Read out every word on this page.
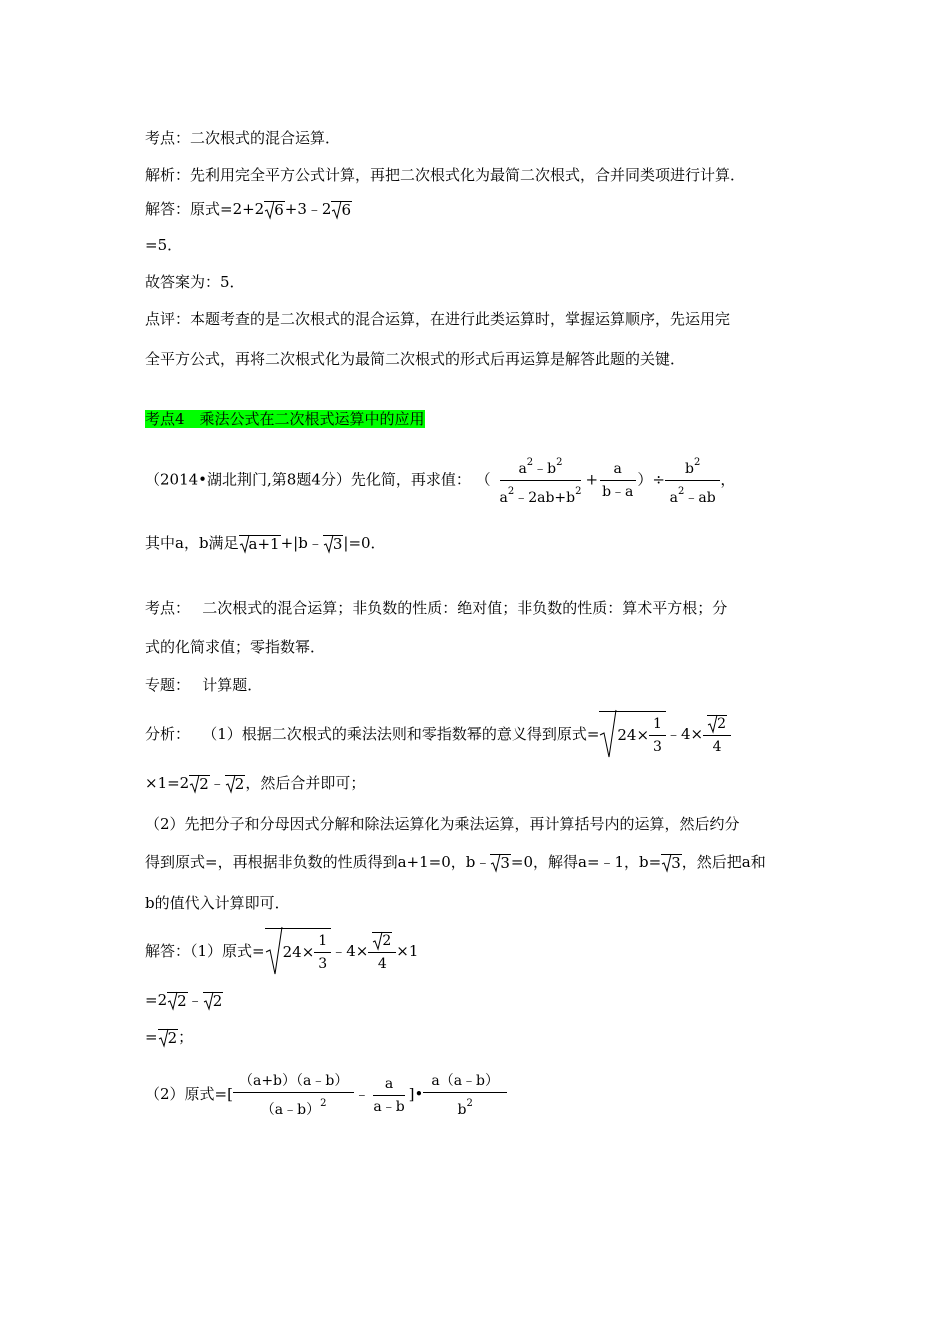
考点：二次根式的混合运算．
解析：先利用完全平方公式计算，再把二次根式化为最简二次根式，合并同类项进行计算．
解答：原式=2+2 6+3﹣2 6
=5．
故答案为：5．
点评：本题考查的是二次根式的混合运算，在进行此类运算时，掌握运算顺序，先运用完
全平方公式，再将二次根式化为最简二次根式的形式后再运算是解答此题的关键．
考点4　乘法公式在二次根式运算中的应用
（2014•湖北荆门,第8题4分）先化简，再求值： （ $\frac{a^2﹣b^2}{a^2﹣2ab+b^2} + \frac{a}{b﹣a}$ ）÷ $\frac{b^2}{a^2﹣ab}$ ，
其中a，b满足 a+1+|b﹣ 3|=0．
考点：　 二次根式的混合运算；非负数的性质：绝对值；非负数的性质：算术平方根；分
式的化简求值；零指数幂．
专题：　 计算题．
分析：　 （1）根据二次根式的乘法法则和零指数幂的意义得到原式= $24\times \frac{1}{3}$ ﹣4× $\frac{2}{4}$
×1=2 2﹣ 2，然后合并即可；
（2）先把分子和分母因式分解和除法运算化为乘法运算，再计算括号内的运算，然后约分
得到原式=，再根据非负数的性质得到a+1=0，b﹣ 3=0，解得a=﹣1，b= 3，然后把a和
b的值代入计算即可．
解答：（1）原式= $24\times \frac{1}{3}$ ﹣4× $\frac{2}{4} \times 1$
=2 2﹣ 2
= 2；
（2）原式=[ $\frac{(a+b)(a﹣b)}{(a﹣b)^2}$ ﹣ $\frac{a}{a﹣b}$ ]• $\frac{a(a﹣b)}{b^2}$
